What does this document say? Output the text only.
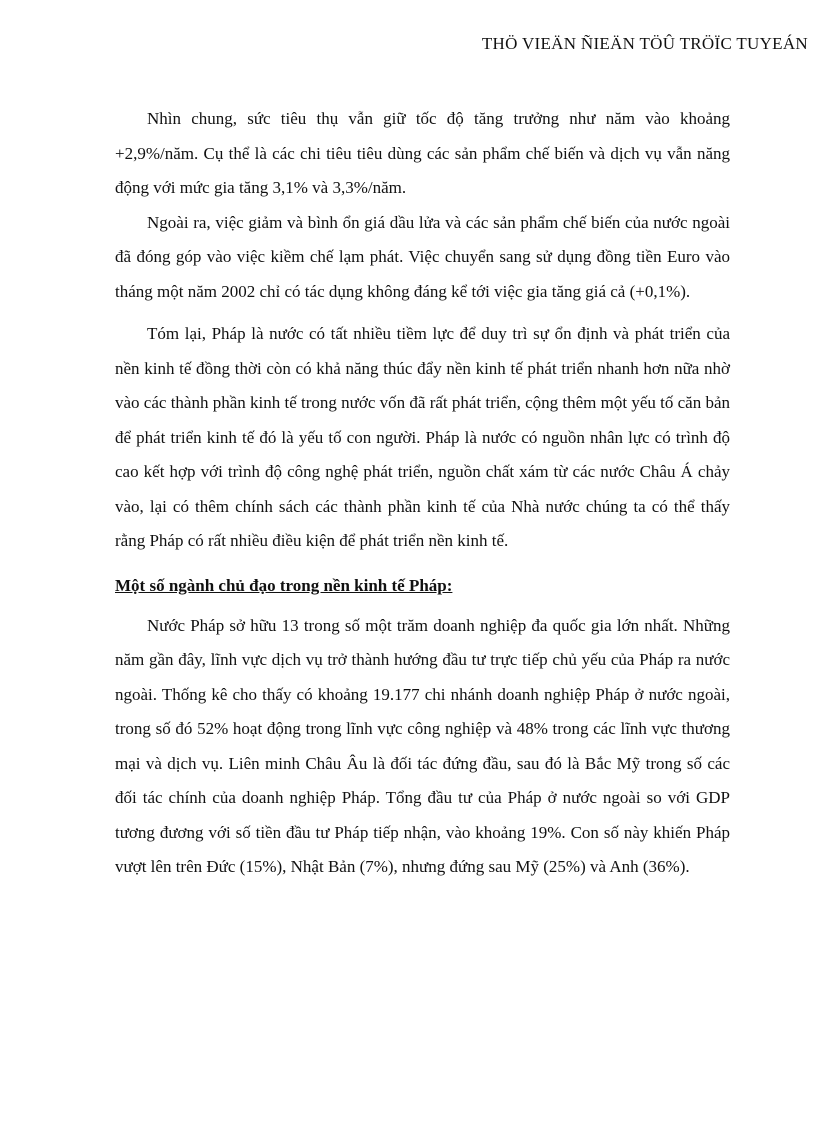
THÖ VIEÄN ÑIEÄN TÖÛ TRÖÏC TUYEÁN

Nhìn chung, sức tiêu thụ vẫn giữ tốc độ tăng trưởng như năm vào khoảng +2,9%/năm. Cụ thể là các chi tiêu tiêu dùng các sản phẩm chế biến và dịch vụ vẫn năng động với mức gia tăng 3,1% và 3,3%/năm.

Ngoài ra, việc giảm và bình ổn giá dầu lửa và các sản phẩm chế biến của nước ngoài đã đóng góp vào việc kiềm chế lạm phát. Việc chuyển sang sử dụng đồng tiền Euro vào tháng một năm 2002 chỉ có tác dụng không đáng kể tới việc gia tăng giá cả (+0,1%).

Tóm lại, Pháp là nước có tất nhiều tiềm lực để duy trì sự ổn định và phát triển của nền kinh tế đồng thời còn có khả năng thúc đẩy nền kinh tế phát triển nhanh hơn nữa nhờ vào các thành phần kinh tế trong nước vốn đã rất phát triển, cộng thêm một yếu tố căn bản để phát triển kinh tế đó là yếu tố con người. Pháp là nước có nguồn nhân lực có trình độ cao kết hợp với trình độ công nghệ phát triển, nguồn chất xám từ các nước Châu Á chảy vào, lại có thêm chính sách các thành phần kinh tế của Nhà nước chúng ta có thể thấy rằng Pháp có rất nhiều điều kiện để phát triển nền kinh tế.

Một số ngành chủ đạo trong nền kinh tế Pháp:

Nước Pháp sở hữu 13 trong số một trăm doanh nghiệp đa quốc gia lớn nhất. Những năm gần đây, lĩnh vực dịch vụ trở thành hướng đầu tư trực tiếp chủ yếu của Pháp ra nước ngoài. Thống kê cho thấy có khoảng 19.177 chi nhánh doanh nghiệp Pháp ở nước ngoài, trong số đó 52% hoạt động trong lĩnh vực công nghiệp và 48% trong các lĩnh vực thương mại và dịch vụ. Liên minh Châu Âu là đối tác đứng đầu, sau đó là Bắc Mỹ trong số các đối tác chính của doanh nghiệp Pháp. Tổng đầu tư của Pháp ở nước ngoài so với GDP tương đương với số tiền đầu tư Pháp tiếp nhận, vào khoảng 19%. Con số này khiến Pháp vượt lên trên Đức (15%), Nhật Bản (7%), nhưng đứng sau Mỹ (25%) và Anh (36%).
